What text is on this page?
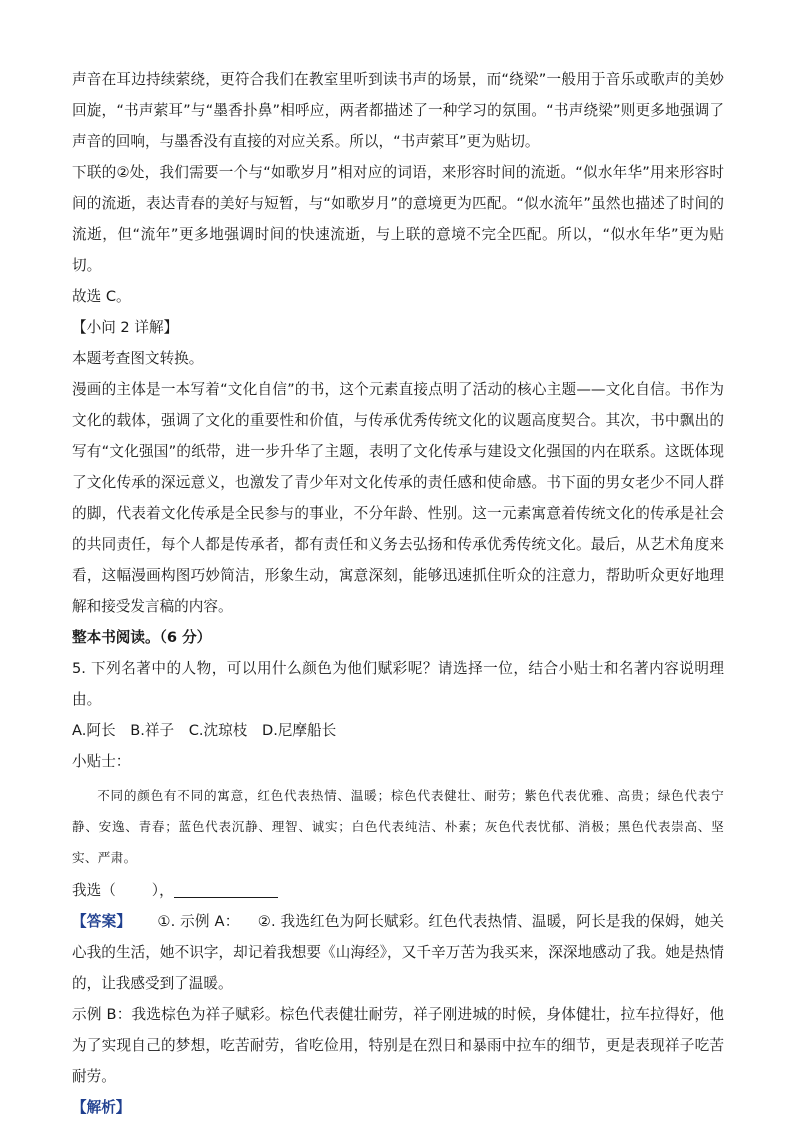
声音在耳边持续萦绕，更符合我们在教室里听到读书声的场景，而“绕梁”一般用于音乐或歌声的美妙回旋，“书声萦耳”与“墨香扑鼻”相呼应，两者都描述了一种学习的氛围。“书声绕梁”则更多地强调了声音的回响，与墨香没有直接的对应关系。所以，“书声萦耳”更为贴切。

下联的②处，我们需要一个与“如歌岁月”相对应的词语，来形容时间的流逝。“似水年华”用来形容时间的流逝，表达青春的美好与短暂，与“如歌岁月”的意境更为匹配。“似水流年”虽然也描述了时间的流逝，但“流年”更多地强调时间的快速流逝，与上联的意境不完全匹配。所以，“似水年华”更为贴切。

故选 C。

【小问 2 详解】

本题考查图文转换。

漫画的主体是一本写着“文化自信”的书，这个元素直接点明了活动的核心主题——文化自信。书作为文化的载体，强调了文化的重要性和价值，与传承优秀传统文化的议题高度契合。其次，书中飘出的写有“文化强国”的纸带，进一步升华了主题，表明了文化传承与建设文化强国的内在联系。这既体现了文化传承的深远意义，也激发了青少年对文化传承的责任感和使命感。书下面的男女老少不同人群的脚，代表着文化传承是全民参与的事业，不分年龄、性别。这一元素寓意着传统文化的传承是社会的共同责任，每个人都是传承者，都有责任和义务去弘扬和传承优秀传统文化。最后，从艺术角度来看，这幅漫画构图巧妙简洁，形象生动，寓意深刻，能够迅速抓住听众的注意力，帮助听众更好地理解和接受发言稿的内容。

整本书阅读。（6 分）

5. 下列名著中的人物，可以用什么颜色为他们赋彩呢？请选择一位，结合小贴士和名著内容说明理由。

A.阿长 B.祥子 C.沈琼枝 D.尼摩船长

小贴士：

不同的颜色有不同的寓意，红色代表热情、温暖；棕色代表健壮、耐劳；紫色代表优雅、高贵；绿色代表宁静、安逸、青春；蓝色代表沉静、理智、诚实；白色代表纯洁、朴素；灰色代表忧郁、消极；黑色代表崇高、坚实、严肃。

我选（ ），

【答案】 ①. 示例 A： ②. 我选红色为阿长赋彩。红色代表热情、温暖，阿长是我的保姆，她关心我的生活，她不识字，却记着我想要《山海经》，又千辛万苦为我买来，深深地感动了我。她是热情的，让我感受到了温暖。

示例 B：我选棕色为祥子赋彩。棕色代表健壮耐劳，祥子刚进城的时候，身体健壮，拉车拉得好，他为了实现自己的梦想，吃苦耐劳，省吃俭用，特别是在烈日和暴雨中拉车的细节，更是表现祥子吃苦耐劳。

【解析】
